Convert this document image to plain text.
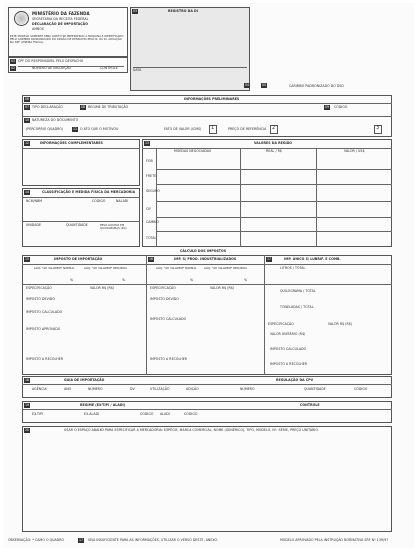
MINISTÉRIO DA FAZENDA
SECRETARIA DA RECEITA FEDERAL
DECLARAÇÃO DE IMPORTAÇÃO
AMBOS
ESTE MODELO SOMENTE SERÁ ACEITO SE PREENCHIDO À MÁQUINA E IDENTIFICADO PELO CARIMBO PADRONIZADO DO ÓRGÃO DE DESPACHO PELO N. DA DI, ADUAÇÃO NA DPF (VISEIRA FISCAL)
01 CPF DO RESPONSÁVEL PELO DESPACHO
02	NÚMERO DE INSCRIÇÃO	CONTROLE
03	REGISTRO DA DI
DATA
04	05	CARIMBO PADRONIZADO DO DSO
06	INFORMAÇÕES PRELIMINARES
07 TIPO DECLARAÇÃO	08 REGIME DE TRIBUTAÇÃO	09	CÓDIGO
10 NATUREZA DO DOCUMENTO
(PERCORRIO QUADRO)	11 O ATO QUE O MOTIVOU	FATO DE VALOR (ICMS) 1	PREÇO DE REFERÊNCIA 2	3
12	INFORMAÇÕES COMPLEMENTARES	13	VALORES DA REGIÃO
MOEDAS NEGOCIADAS	REAL / R$	VALOR / US$
FOB
FRETE
SEGURO
CIF
CAMBIO
TOTAL
14	CLASSIFICAÇÃO E MEDIDA FÍSICA DA MERCADORIA
NCM/NBM	CÓDIGO	NALADI
UNIDADE	QUANTIDADE	PESO LÍQUIDO EM QUILOGRAMAS (KG)
CÁLCULO DOS IMPOSTOS
15	IMPOSTO DE IMPORTAÇÃO	16	IMP. S/ PROD. INDUSTRIALIZADOS	17	IMP. ÚNICO S/ LUBRIF. E COMB.
ALÍQ. *AD VALOREM* NORMAL	ALÍQ. *AD VALOREM* REDUZIDA
%	%
ALÍQ. *AD VALOREM* NORMAL	ALÍQ. *AD VALOREM* REDUZIDA
%	%
LITROS / TOTAL
ESPECIFICAÇÃO	VALOR R$ (R$)	ESPECIFICAÇÃO	VALOR R$ (R$)
QUILOGRAMA / TOTAL
IMPOSTO DEVIDO
IMPOSTO CALCULADO
IMPOSTO APROVADO
IMPOSTO A RECOLHER
IMPOSTO DEVIDO
IMPOSTO CALCULADO
IMPOSTO A RECOLHER
TONELADAS / TOTAL
ESPECIFICAÇÃO	VALOR R$ (R$)
VALOR UNITÁRIO (R$)
IMPOSTO CALCULADO
IMPOSTO A RECOLHER
18	GUIA DE IMPORTAÇÃO	REGULAÇÃO DA CPV
AGÊNCIA	ANO	NÚMERO	DV	UTILIZAÇÃO	ADIÇÃO	NÚMERO	QUANTIDADE	CÓDIGO
19	REGIME (EX-TIPI / ALADI)	CONTROLE
EX-TIPI	EX-ALADI	CÓDIGO ALADI	CÓDIGO
20	USAR O ESPAÇO ABAIXO PARA ESPECIFICAR A MERCADORIA: ESPÉCIE, MARCA COMERCIAL, NOME (GENÉRICO), TIPO, MODELO, Nº. SÉRIE, PREÇO UNITÁRIO.
OBSERVAÇÃO: * CAMO O QUADRO	17	SEJA INSUFICIENTE PARA AS INFORMAÇÕES, UTILIZAR O VERSO DESTE, ANEXO.	MODELO APROVADO PELA INSTRUÇÃO NORMATIVA SRF Nº 139/97
